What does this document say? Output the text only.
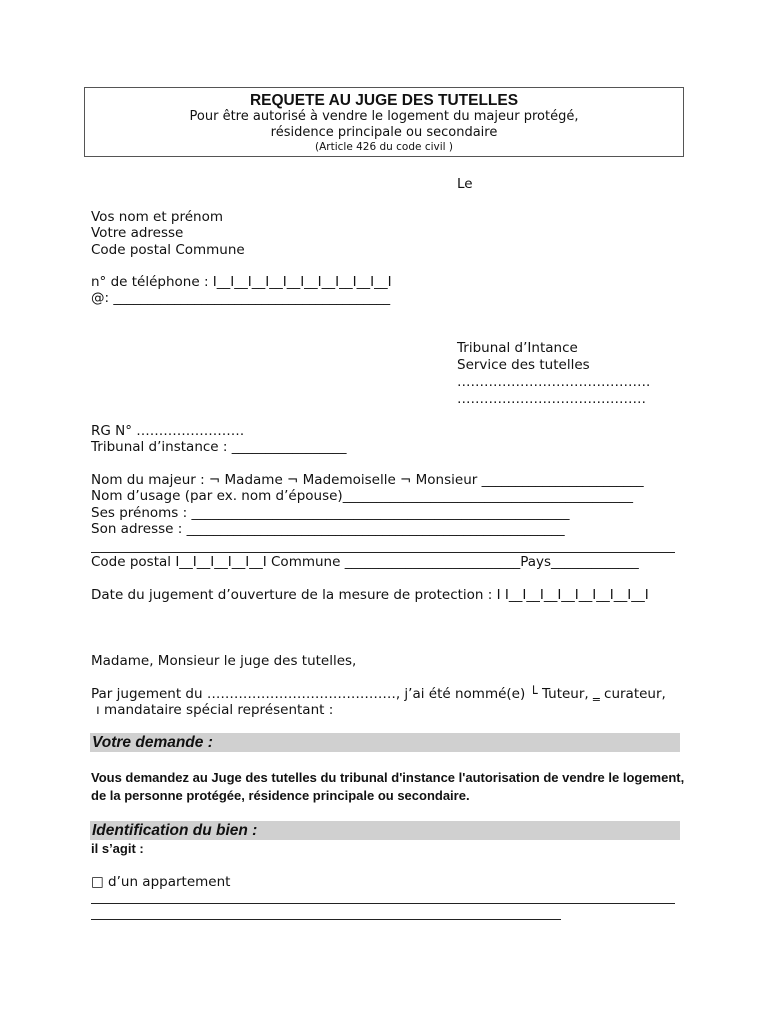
REQUETE AU JUGE DES TUTELLES
Pour être autorisé à vendre le logement du majeur protégé,
résidence principale ou secondaire
(Article 426 du code civil )
Le
Vos nom et prénom
Votre adresse
Code postal Commune
n° de téléphone : I__I__I__I__I__I__I__I__I__I__I
@: _________________________________________
Tribunal d’Intance
Service des tutelles
…………………………………….
……………………………………
RG N° ……………………
Tribunal d’instance : _________________
Nom du majeur : ¬ Madame ¬ Mademoiselle ¬ Monsieur ________________________
Nom d’usage (par ex. nom d’épouse)___________________________________________
Ses prénoms : ________________________________________________________
Son adresse : ________________________________________________________
Code postal I__I__I__I__I__I Commune __________________________Pays_____________
Date du jugement d’ouverture de la mesure de protection : I I__I__I__I__I__I__I__I__I
Madame, Monsieur le juge des tutelles,
Par jugement du ……………………………………, j’ai été nommé(e) └ Tuteur, ‗ curateur,
ı mandataire spécial représentant :
Votre demande :
Vous demandez au Juge des tutelles du tribunal d'instance l'autorisation de vendre le logement, de la personne protégée, résidence principale ou secondaire.
Identification du bien :
il s’agit :
□ d’un appartement
